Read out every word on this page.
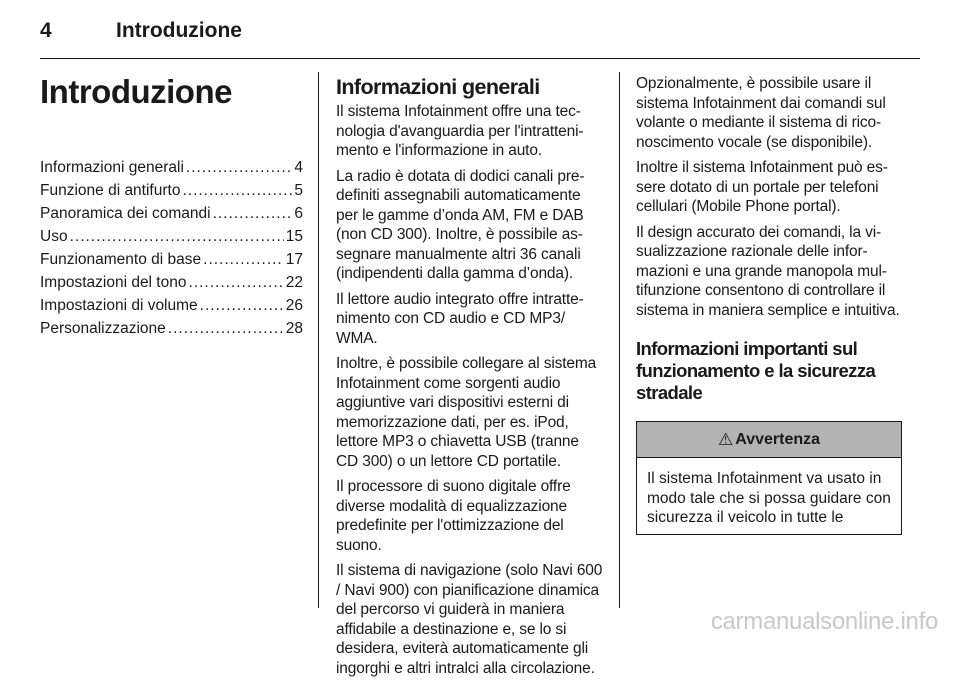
4	Introduzione
Introduzione
Informazioni generali .....	4
Funzione di antifurto .....	5
Panoramica dei comandi .....	6
Uso .....	15
Funzionamento di base .....	17
Impostazioni del tono .....	22
Impostazioni di volume .....	26
Personalizzazione .....	28
Informazioni generali

Il sistema Infotainment offre una tecnologia d'avanguardia per l'intrattenimento e l'informazione in auto.

La radio è dotata di dodici canali predefiniti assegnabili automaticamente per le gamme d’onda AM, FM e DAB (non CD 300). Inoltre, è possibile assegnare manualmente altri 36 canali (indipendenti dalla gamma d’onda).

Il lettore audio integrato offre intrattenimento con CD audio e CD MP3/ WMA.

Inoltre, è possibile collegare al sistema Infotainment come sorgenti audio aggiuntive vari dispositivi esterni di memorizzazione dati, per es. iPod, lettore MP3 o chiavetta USB (tranne CD 300) o un lettore CD portatile.

Il processore di suono digitale offre diverse modalità di equalizzazione predefinite per l'ottimizzazione del suono.

Il sistema di navigazione (solo Navi 600 / Navi 900) con pianificazione dinamica del percorso vi guiderà in maniera affidabile a destinazione e, se lo si desidera, eviterà automaticamente gli ingorghi e altri intralci alla circolazione.

Opzionalmente, è possibile usare il sistema Infotainment dai comandi sul volante o mediante il sistema di riconoscimento vocale (se disponibile).

Inoltre il sistema Infotainment può essere dotato di un portale per telefoni cellulari (Mobile Phone portal).

Il design accurato dei comandi, la visualizzazione razionale delle informazioni e una grande manopola multifunzione consentono di controllare il sistema in maniera semplice e intuitiva.

Informazioni importanti sul funzionamento e la sicurezza stradale
⚠ Avvertenza
Il sistema Infotainment va usato in modo tale che si possa guidare con sicurezza il veicolo in tutte le
carmanualsonline.info
